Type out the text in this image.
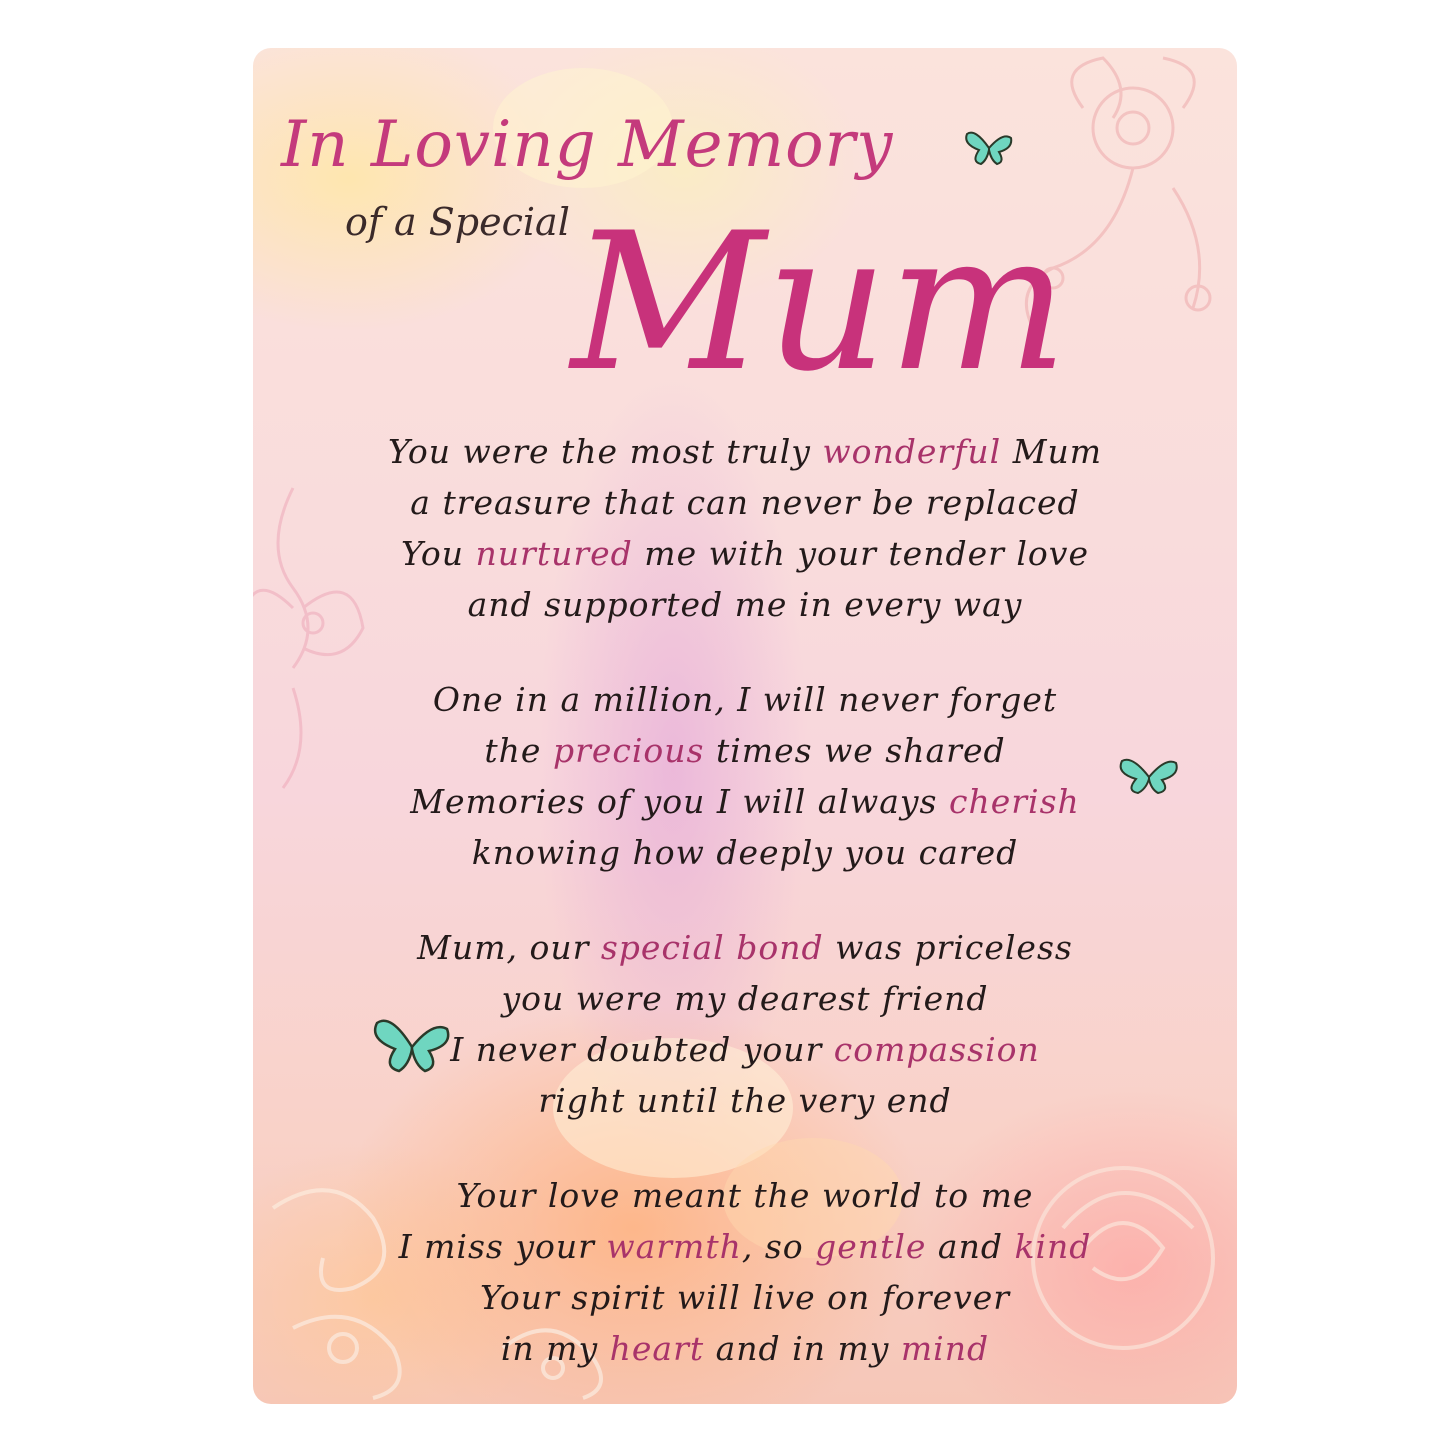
In Loving Memory
of a Special Mum
You were the most truly wonderful Mum
a treasure that can never be replaced
You nurtured me with your tender love
and supported me in every way
One in a million, I will never forget
the precious times we shared
Memories of you I will always cherish
knowing how deeply you cared
Mum, our special bond was priceless
you were my dearest friend
I never doubted your compassion
right until the very end
Your love meant the world to me
I miss your warmth, so gentle and kind
Your spirit will live on forever
in my heart and in my mind
